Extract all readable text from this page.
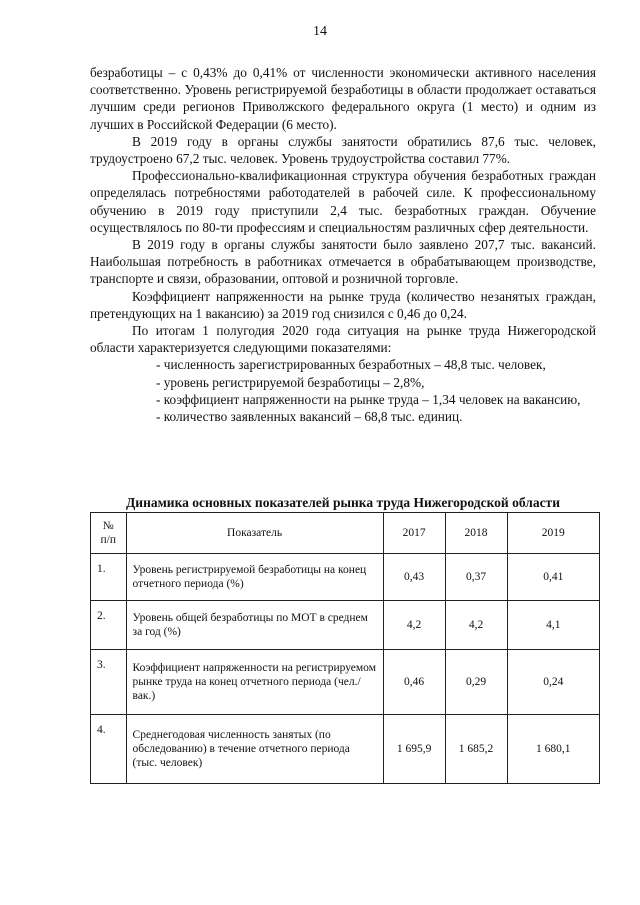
14

безработицы – с 0,43% до 0,41% от численности экономически активного населения соответственно. Уровень регистрируемой безработицы в области продолжает оставаться лучшим среди регионов Приволжского федерального округа (1 место) и одним из лучших в Российской Федерации (6 место).

В 2019 году в органы службы занятости обратились 87,6 тыс. человек, трудоустроено 67,2 тыс. человек. Уровень трудоустройства составил 77%.

Профессионально-квалификационная структура обучения безработных граждан определялась потребностями работодателей в рабочей силе. К профессиональному обучению в 2019 году приступили 2,4 тыс. безработных граждан. Обучение осуществлялось по 80-ти профессиям и специальностям различных сфер деятельности.

В 2019 году в органы службы занятости было заявлено 207,7 тыс. вакансий. Наибольшая потребность в работниках отмечается в обрабатывающем производстве, транспорте и связи, образовании, оптовой и розничной торговле.

Коэффициент напряженности на рынке труда (количество незанятых граждан, претендующих на 1 вакансию) за 2019 год снизился с 0,46 до 0,24.

По итогам 1 полугодия 2020 года ситуация на рынке труда Нижегородской области характеризуется следующими показателями:

- численность зарегистрированных безработных – 48,8 тыс. человек,

- уровень регистрируемой безработицы – 2,8%,

- коэффициент напряженности на рынке труда – 1,34 человек на вакансию,

- количество заявленных вакансий – 68,8 тыс. единиц.

Динамика основных показателей рынка труда Нижегородской области
№ п/п	Показатель	2017	2018	2019
1.	Уровень регистрируемой безработицы на конец отчетного периода (%)	0,43	0,37	0,41
2.	Уровень общей безработицы по МОТ в среднем за год (%)	4,2	4,2	4,1
3.	Коэффициент напряженности на регистрируемом рынке труда на конец отчетного периода (чел./вак.)	0,46	0,29	0,24
4.	Среднегодовая численность занятых (по обследованию) в течение отчетного периода (тыс. человек)	1 695,9	1 685,2	1 680,1
